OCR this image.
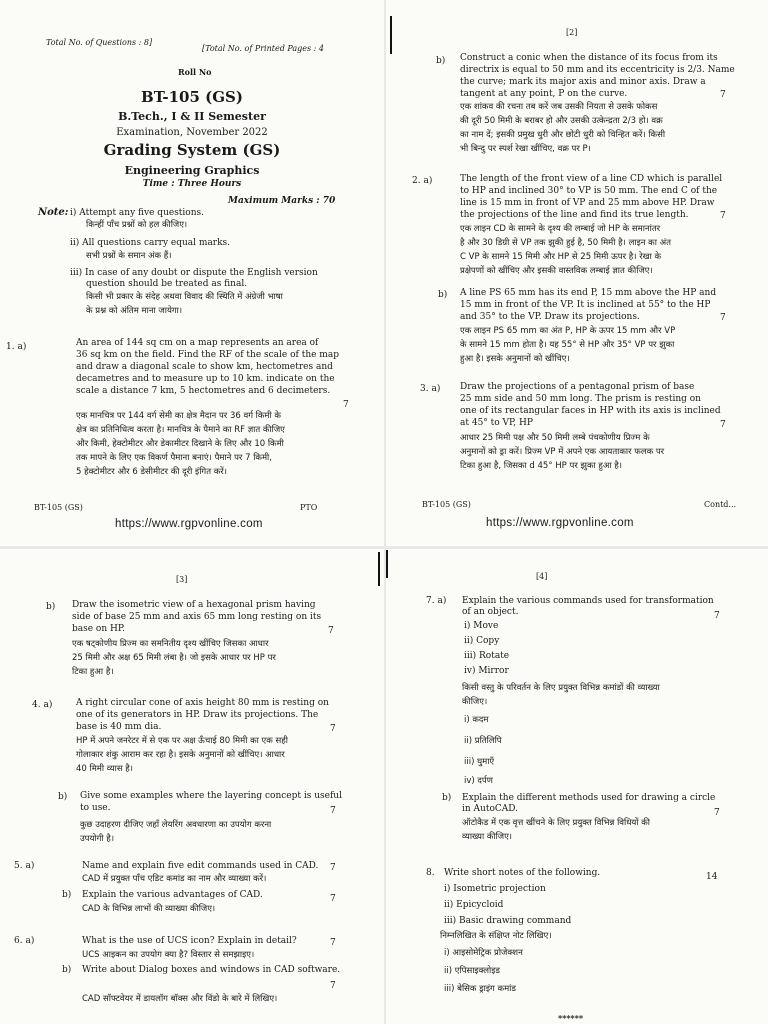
Total No. of Questions : 8]
[Total No. of Printed Pages : 4
Roll No
BT-105 (GS)
B.Tech., I & II Semester
Examination, November 2022
Grading System (GS)
Engineering Graphics
Time : Three Hours
Maximum Marks : 70
Note: i) Attempt any five questions.
किन्हीं पाँच प्रश्नों को हल कीजिए।
ii) All questions carry equal marks.
सभी प्रश्नों के समान अंक हैं।
iii) In case of any doubt or dispute the English version
question should be treated as final.
किसी भी प्रकार के संदेह अथवा विवाद की स्थिति में अंग्रेजी भाषा
के प्रश्न को अंतिम माना जायेगा।
1. a)	An area of 144 sq cm on a map represents an area of
36 sq km on the field. Find the RF of the scale of the map
and draw a diagonal scale to show km, hectometres and
decametres and to measure up to 10 km. indicate on the
scale a distance 7 km, 5 hectometres and 6 decimeters.
7
एक मानचित्र पर 144 वर्ग सेमी का क्षेत्र मैदान पर 36 वर्ग किमी के
क्षेत्र का प्रतिनिधित्व करता है। मानचित्र के पैमाने का RF ज्ञात कीजिए
और किमी, हेक्टोमीटर और डेकामीटर दिखाने के लिए और 10 किमी
तक मापने के लिए एक विकर्ण पैमाना बनाएं। पैमाने पर 7 किमी,
5 हेक्टोमीटर और 6 डेसीमीटर की दूरी इंगित करें।
BT-105 (GS)	PTO
https://www.rgpvonline.com
[2]
b) Construct a conic when the distance of its focus from its
directrix is equal to 50 mm and its eccentricity is 2/3. Name
the curve; mark its major axis and minor axis. Draw a
tangent at any point, P on the curve.	7
एक शांकव की रचना तब करें जब उसकी नियता से उसके फोकस
की दूरी 50 मिमी के बराबर हो और उसकी उत्केन्द्रता 2/3 हो। वक्र
का नाम दें; इसकी प्रमुख धुरी और छोटी धुरी को चिन्हित करें। किसी
भी बिन्दु पर स्पर्श रेखा खींचिए, वक्र पर P।
2. a)	The length of the front view of a line CD which is parallel
to HP and inclined 30° to VP is 50 mm. The end C of the
line is 15 mm in front of VP and 25 mm above HP. Draw
the projections of the line and find its true length.	7
एक लाइन CD के सामने के दृश्य की लम्बाई जो HP के समानांतर
है और 30 डिग्री से VP तक झुकी हुई है, 50 मिमी है। लाइन का अंत
C VP के सामने 15 मिमी और HP से 25 मिमी ऊपर है। रेखा के
प्रक्षेपणों को खींचिए और इसकी वास्तविक लम्बाई ज्ञात कीजिए।
b) A line PS 65 mm has its end P, 15 mm above the HP and
15 mm in front of the VP. It is inclined at 55° to the HP
and 35° to the VP. Draw its projections.	7
एक लाइन PS 65 mm का अंत P, HP के ऊपर 15 mm और VP
के सामने 15 mm होता है। यह 55° से HP और 35° VP पर झुका
हुआ है। इसके अनुमानों को खींचिए।
3. a) Draw the projections of a pentagonal prism of base
25 mm side and 50 mm long. The prism is resting on
one of its rectangular faces in HP with its axis is inclined
at 45° to VP, HP	7
आधार 25 मिमी पक्ष और 50 मिमी लम्बे पंचकोणीय प्रिज्म के
अनुमानों को ड्रा करें। प्रिज्म VP में अपने एक आयताकार फलक पर
टिका हुआ है, जिसका d 45° HP पर झुका हुआ है।
BT-105 (GS)	Contd...
https://www.rgpvonline.com
[3]
b) Draw the isometric view of a hexagonal prism having
side of base 25 mm and axis 65 mm long resting on its
base on HP.	7
एक षट्कोणीय प्रिज्म का समनितीय दृश्य खींचिए जिसका आधार
25 मिमी और अक्ष 65 मिमी लंबा है। जो इसके आधार पर HP पर
टिका हुआ है।
4. a)	A right circular cone of axis height 80 mm is resting on
one of its generators in HP. Draw its projections. The
base is 40 mm dia.	7
HP में अपने जनरेटर में से एक पर अक्ष ऊँचाई 80 मिमी का एक सही
गोलाकार शंकु आराम कर रहा है। इसके अनुमानों को खींचिए। आधार
40 मिमी व्यास है।
b) Give some examples where the layering concept is useful
to use.	7
कुछ उदाहरण दीजिए जहाँ लेयरिंग अवधारणा का उपयोग करना
उपयोगी है।
5. a)	Name and explain five edit commands used in CAD. 7
CAD में प्रयुक्त पाँच एडिट कमांड का नाम और व्याख्या करें।
b) Explain the various advantages of CAD.	7
CAD के विभिन्न लाभों की व्याख्या कीजिए।
6. a)	What is the use of UCS icon? Explain in detail?	7
UCS आइकन का उपयोग क्या है? विस्तार से समझाइए।
b) Write about Dialog boxes and windows in CAD software.
7
CAD सॉफ्टवेयर में डायलॉग बॉक्स और विंडो के बारे में लिखिए।
[4]
7. a) Explain the various commands used for transformation
of an object.	7
i) Move
ii) Copy
iii) Rotate
iv) Mirror
किसी वस्तु के परिवर्तन के लिए प्रयुक्त विभिन्न कमांडों की व्याख्या
कीजिए।
i) कदम
ii) प्रतिलिपि
iii) घुमाएँ
iv) दर्पण
b) Explain the different methods used for drawing a circle
in AutoCAD.	7
ऑटोकैड में एक वृत्त खींचने के लिए प्रयुक्त विभिन्न विधियों की
व्याख्या कीजिए।
8. Write short notes of the following.	14
i) Isometric projection
ii) Epicycloid
iii) Basic drawing command
निम्नलिखित के संक्षिप्त नोट लिखिए।
i) आइसोमेट्रिक प्रोजेक्शन
ii) एपिसाइक्लोइड
iii) बेसिक ड्राइंग कमांड
******
